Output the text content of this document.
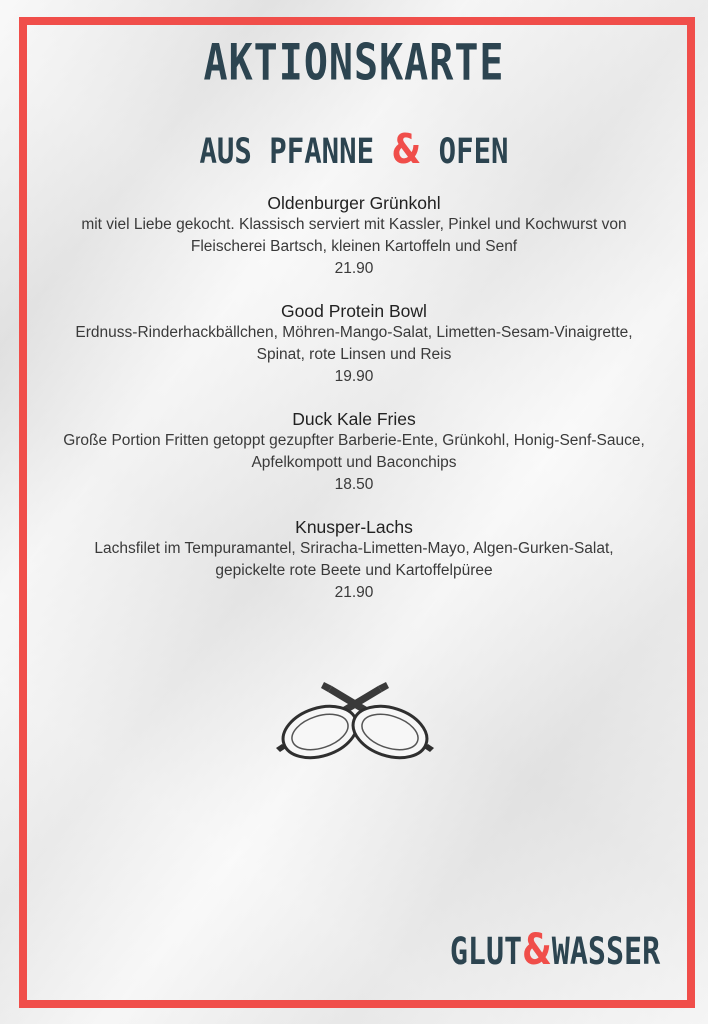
AKTIONSKARTE
AUS PFANNE & OFEN
Oldenburger Grünkohl
mit viel Liebe gekocht. Klassisch serviert mit Kassler, Pinkel und Kochwurst von Fleischerei Bartsch, kleinen Kartoffeln und Senf
21.90
Good Protein Bowl
Erdnuss-Rinderhackbällchen, Möhren-Mango-Salat, Limetten-Sesam-Vinaigrette, Spinat, rote Linsen und Reis
19.90
Duck Kale Fries
Große Portion Fritten getoppt gezupfter Barberie-Ente, Grünkohl, Honig-Senf-Sauce, Apfelkompott und Baconchips
18.50
Knusper-Lachs
Lachsfilet im Tempuramantel, Sriracha-Limetten-Mayo, Algen-Gurken-Salat, gepickelte rote Beete und Kartoffelpüree
21.90
GLUT&WASSER
